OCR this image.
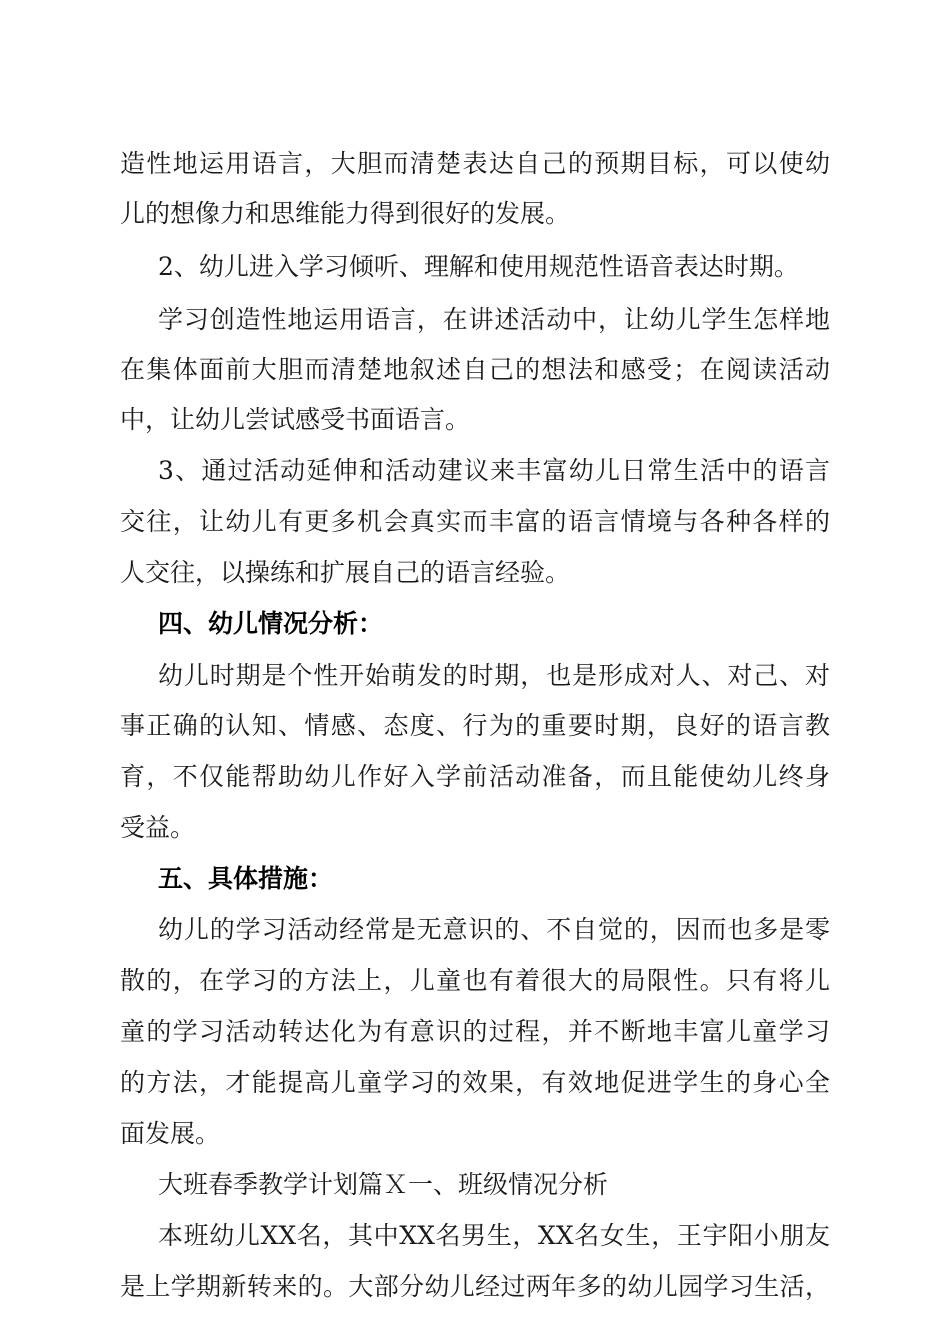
造性地运用语言，大胆而清楚表达自己的预期目标，可以使幼
儿的想像力和思维能力得到很好的发展。
2、幼儿进入学习倾听、理解和使用规范性语音表达时期。
学习创造性地运用语言，在讲述活动中，让幼儿学生怎样地
在集体面前大胆而清楚地叙述自己的想法和感受；在阅读活动
中，让幼儿尝试感受书面语言。
3、通过活动延伸和活动建议来丰富幼儿日常生活中的语言
交往，让幼儿有更多机会真实而丰富的语言情境与各种各样的
人交往，以操练和扩展自己的语言经验。
四、幼儿情况分析：
幼儿时期是个性开始萌发的时期，也是形成对人、对己、对
事正确的认知、情感、态度、行为的重要时期，良好的语言教
育，不仅能帮助幼儿作好入学前活动准备，而且能使幼儿终身
受益。
五、具体措施：
幼儿的学习活动经常是无意识的、不自觉的，因而也多是零
散的，在学习的方法上，儿童也有着很大的局限性。只有将儿
童的学习活动转达化为有意识的过程，并不断地丰富儿童学习
的方法，才能提高儿童学习的效果，有效地促进学生的身心全
面发展。
大班春季教学计划篇Ｘ一、班级情况分析
本班幼儿XX名，其中XX名男生，XX名女生，王宇阳小朋友
是上学期新转来的。大部分幼儿经过两年多的幼儿园学习生活，
